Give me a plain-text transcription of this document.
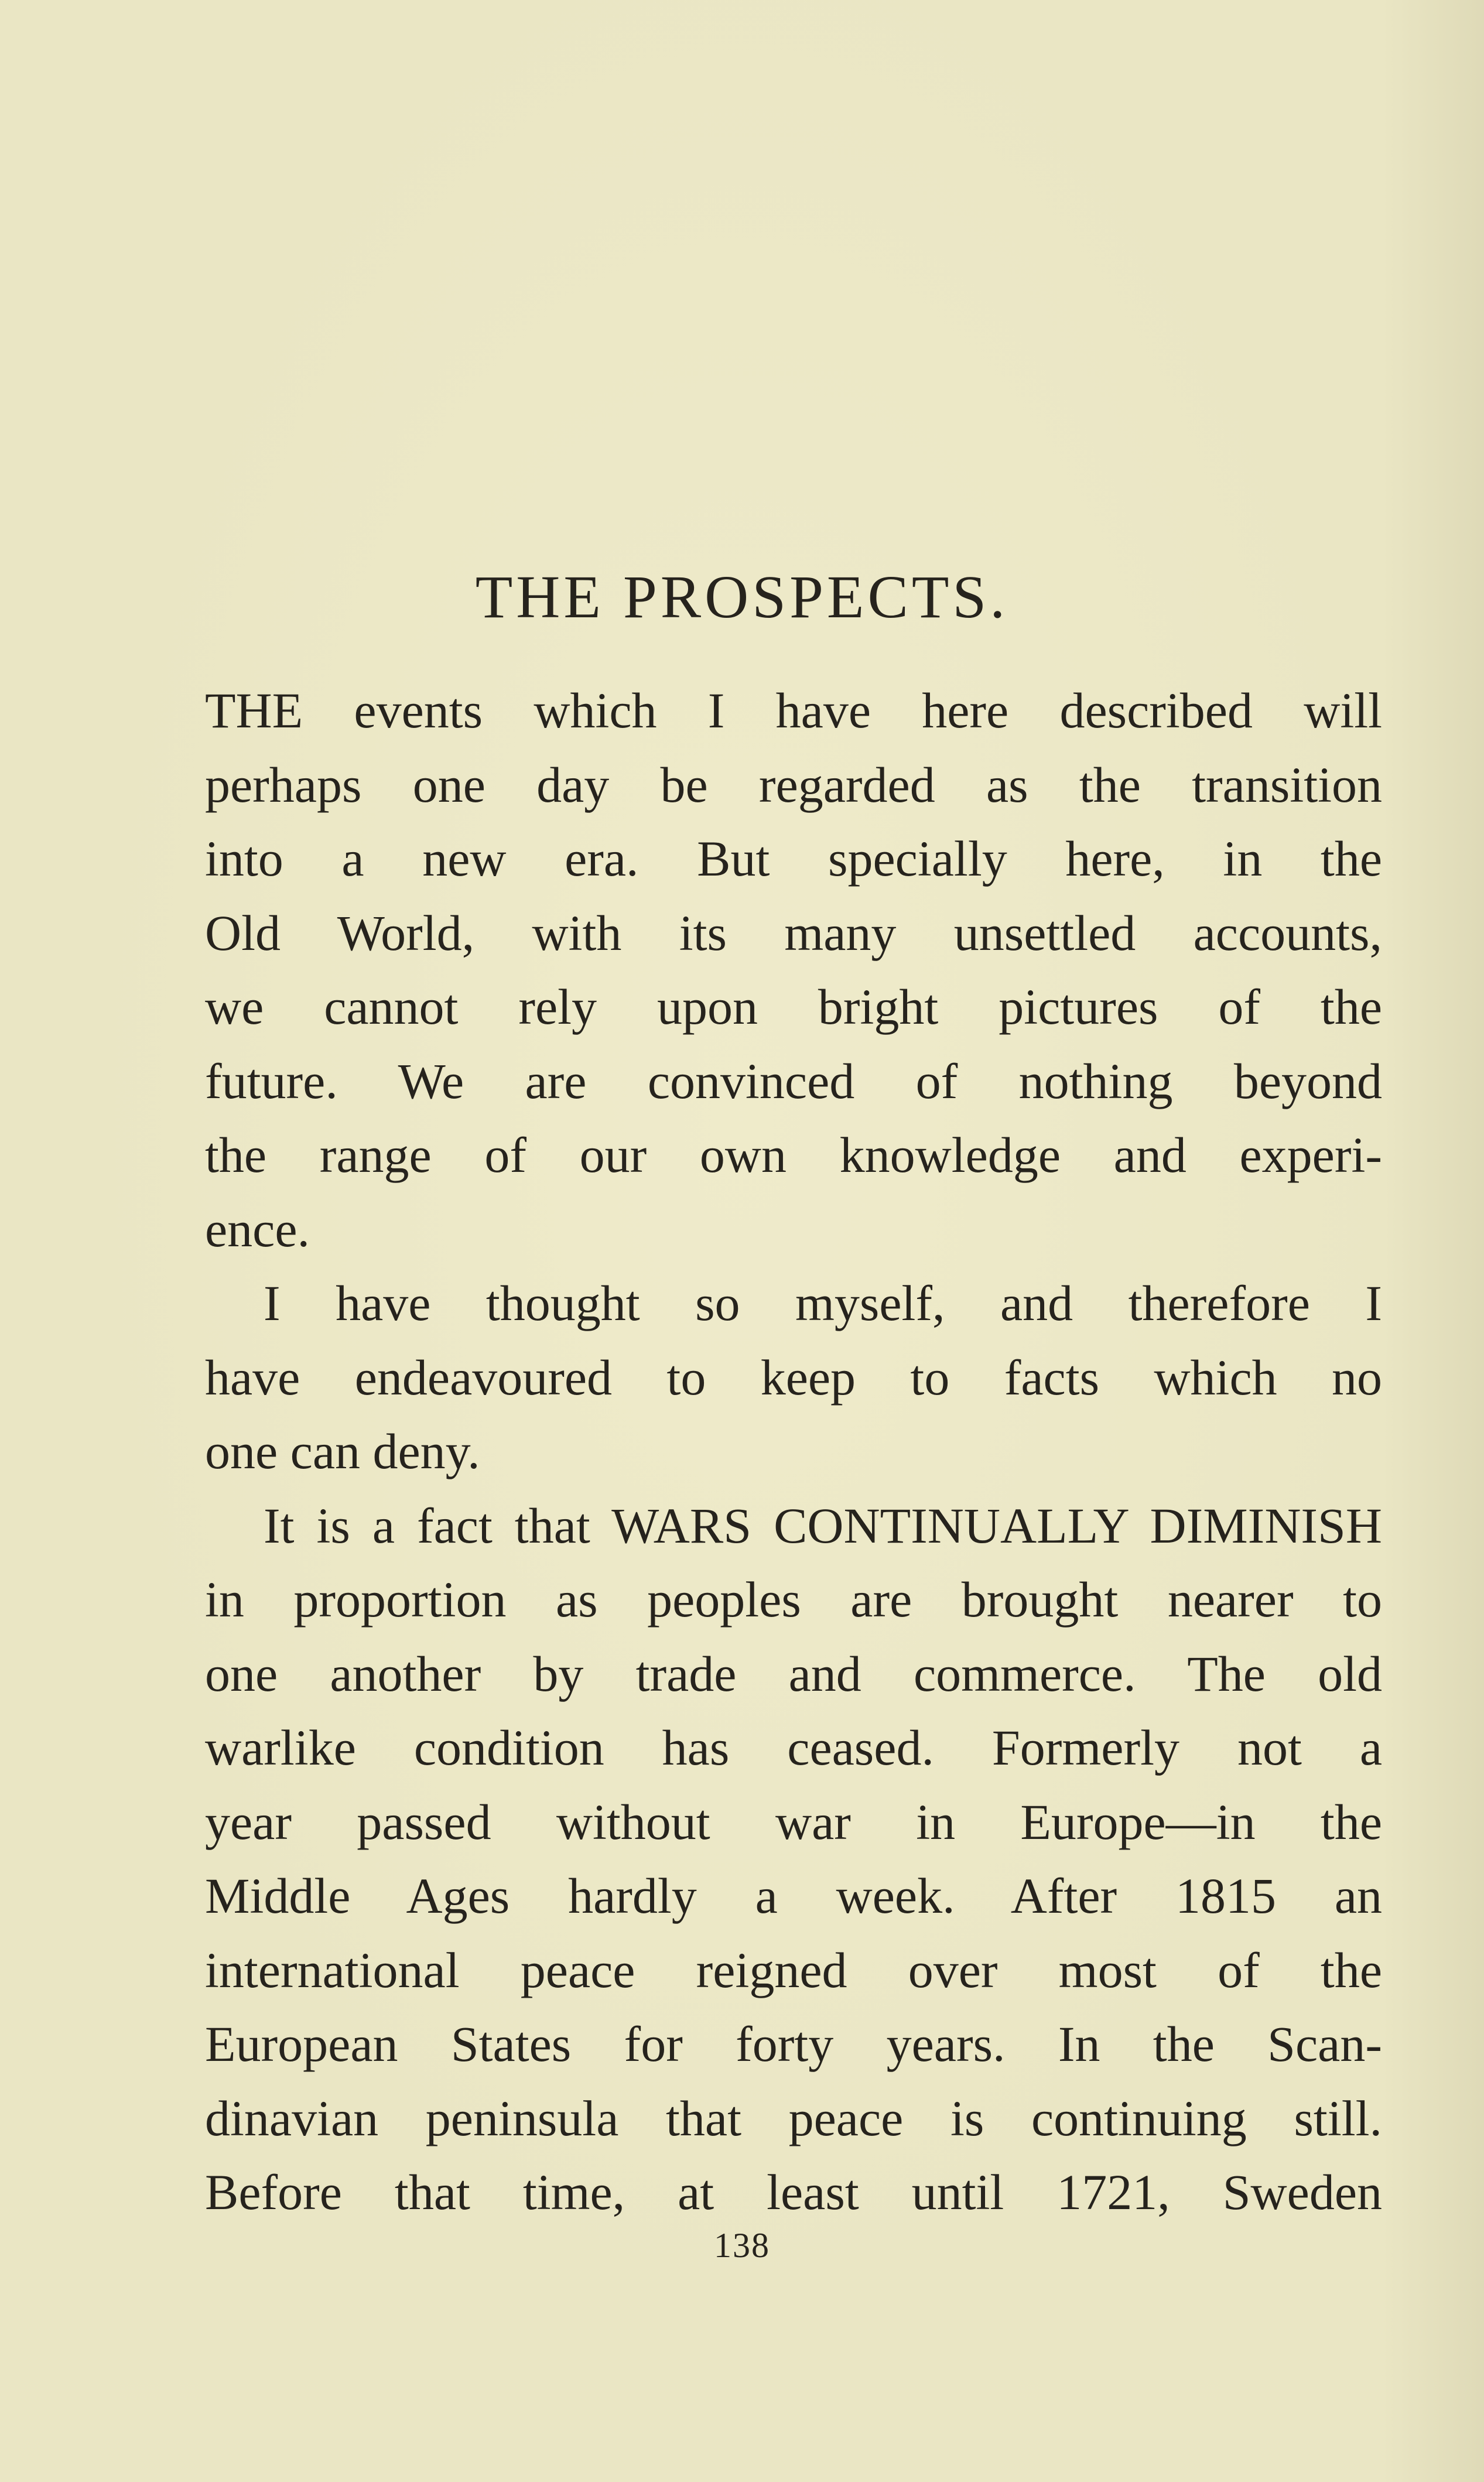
THE PROSPECTS.
THE events which I have here described will
perhaps one day be regarded as the transition
into a new era. But specially here, in the
Old World, with its many unsettled accounts,
we cannot rely upon bright pictures of the
future. We are convinced of nothing beyond
the range of our own knowledge and experi-
ence.
I have thought so myself, and therefore I
have endeavoured to keep to facts which no
one can deny.
It is a fact that WARS CONTINUALLY DIMINISH
in proportion as peoples are brought nearer to
one another by trade and commerce. The old
warlike condition has ceased. Formerly not a
year passed without war in Europe—in the
Middle Ages hardly a week. After 1815 an
international peace reigned over most of the
European States for forty years. In the Scan-
dinavian peninsula that peace is continuing still.
Before that time, at least until 1721, Sweden
138
